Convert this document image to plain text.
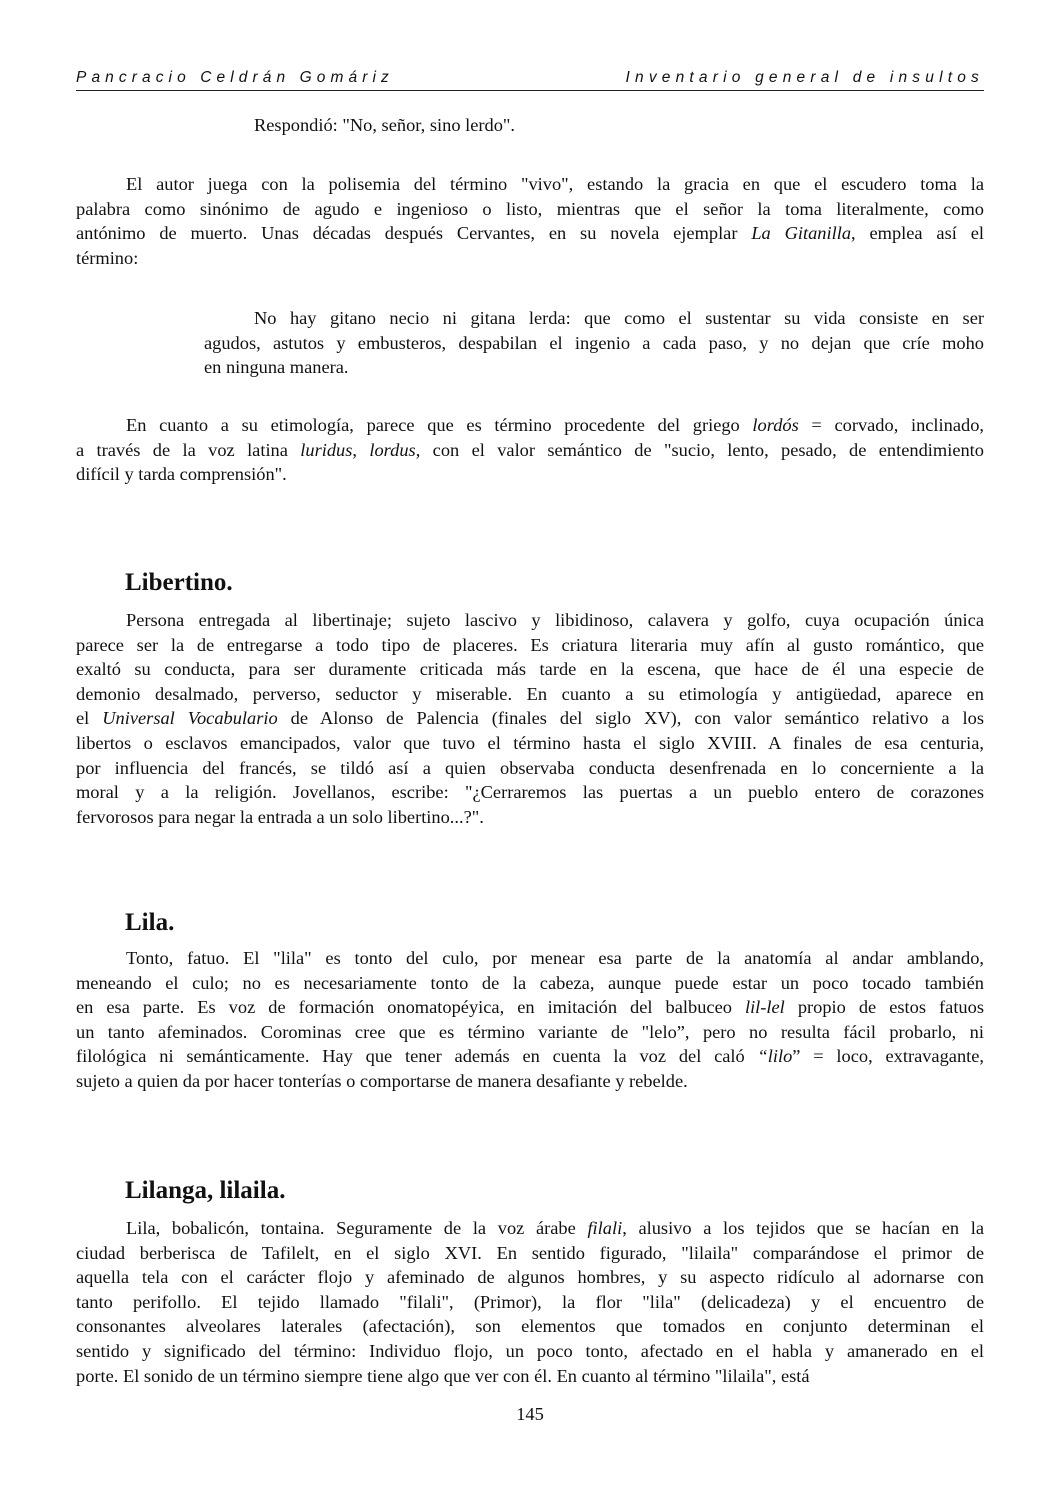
Pancracio Celdrán Gomáriz	Inventario general de insultos

Respondió: "No, señor, sino lerdo".

El autor juega con la polisemia del término "vivo", estando la gracia en que el escudero toma la
palabra como sinónimo de agudo e ingenioso o listo, mientras que el señor la toma literalmente, como
antónimo de muerto. Unas décadas después Cervantes, en su novela ejemplar La Gitanilla, emplea así el
término:
No hay gitano necio ni gitana lerda: que como el sustentar su vida consiste en ser
agudos, astutos y embusteros, despabilan el ingenio a cada paso, y no dejan que críe moho
en ninguna manera.
En cuanto a su etimología, parece que es término procedente del griego lordós = corvado, inclinado,
a través de la voz latina luridus, lordus, con el valor semántico de "sucio, lento, pesado, de entendimiento
difícil y tarda comprensión".
Libertino.
Persona entregada al libertinaje; sujeto lascivo y libidinoso, calavera y golfo, cuya ocupación única
parece ser la de entregarse a todo tipo de placeres. Es criatura literaria muy afín al gusto romántico, que
exaltó su conducta, para ser duramente criticada más tarde en la escena, que hace de él una especie de
demonio desalmado, perverso, seductor y miserable. En cuanto a su etimología y antigüedad, aparece en
el Universal Vocabulario de Alonso de Palencia (finales del siglo XV), con valor semántico relativo a los
libertos o esclavos emancipados, valor que tuvo el término hasta el siglo XVIII. A finales de esa centuria,
por influencia del francés, se tildó así a quien observaba conducta desenfrenada en lo concerniente a la
moral y a la religión. Jovellanos, escribe: "¿Cerraremos las puertas a un pueblo entero de corazones
fervorosos para negar la entrada a un solo libertino...?".
Lila.
Tonto, fatuo. El "lila" es tonto del culo, por menear esa parte de la anatomía al andar amblando,
meneando el culo; no es necesariamente tonto de la cabeza, aunque puede estar un poco tocado también
en esa parte. Es voz de formación onomatopéyica, en imitación del balbuceo lil-lel propio de estos fatuos
un tanto afeminados. Corominas cree que es término variante de "lelo”, pero no resulta fácil probarlo, ni
filológica ni semánticamente. Hay que tener además en cuenta la voz del caló “lilo” = loco, extravagante,
sujeto a quien da por hacer tonterías o comportarse de manera desafiante y rebelde.
Lilanga, lilaila.
Lila, bobalicón, tontaina. Seguramente de la voz árabe filali, alusivo a los tejidos que se hacían en la
ciudad berberisca de Tafilelt, en el siglo XVI. En sentido figurado, "lilaila" comparándose el primor de
aquella tela con el carácter flojo y afeminado de algunos hombres, y su aspecto ridículo al adornarse con
tanto perifollo. El tejido llamado "filali", (Primor), la flor "lila" (delicadeza) y el encuentro de
consonantes alveolares laterales (afectación), son elementos que tomados en conjunto determinan el
sentido y significado del término: Individuo flojo, un poco tonto, afectado en el habla y amanerado en el
porte. El sonido de un término siempre tiene algo que ver con él. En cuanto al término "lilaila", está
145
